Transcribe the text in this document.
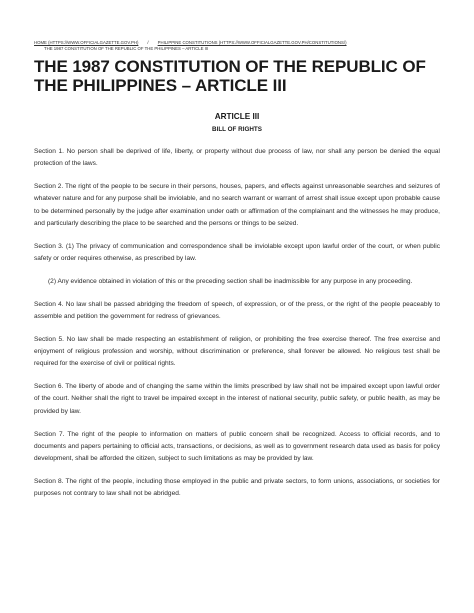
HOME (HTTPS://WWW.OFFICIALGAZETTE.GOV.PH) / PHILIPPINE CONSTITUTIONS (HTTPS://WWW.OFFICIALGAZETTE.GOV.PH/CONSTITUTIONS/)
THE 1987 CONSTITUTION OF THE REPUBLIC OF THE PHILIPPINES – ARTICLE III
THE 1987 CONSTITUTION OF THE REPUBLIC OF THE PHILIPPINES – ARTICLE III
ARTICLE III
BILL OF RIGHTS

Section 1. No person shall be deprived of life, liberty, or property without due process of law, nor shall any person be denied the equal protection of the laws.

Section 2. The right of the people to be secure in their persons, houses, papers, and effects against unreasonable searches and seizures of whatever nature and for any purpose shall be inviolable, and no search warrant or warrant of arrest shall issue except upon probable cause to be determined personally by the judge after examination under oath or affirmation of the complainant and the witnesses he may produce, and particularly describing the place to be searched and the persons or things to be seized.

Section 3. (1) The privacy of communication and correspondence shall be inviolable except upon lawful order of the court, or when public safety or order requires otherwise, as prescribed by law.

(2) Any evidence obtained in violation of this or the preceding section shall be inadmissible for any purpose in any proceeding.

Section 4. No law shall be passed abridging the freedom of speech, of expression, or of the press, or the right of the people peaceably to assemble and petition the government for redress of grievances.

Section 5. No law shall be made respecting an establishment of religion, or prohibiting the free exercise thereof. The free exercise and enjoyment of religious profession and worship, without discrimination or preference, shall forever be allowed. No religious test shall be required for the exercise of civil or political rights.

Section 6. The liberty of abode and of changing the same within the limits prescribed by law shall not be impaired except upon lawful order of the court. Neither shall the right to travel be impaired except in the interest of national security, public safety, or public health, as may be provided by law.

Section 7. The right of the people to information on matters of public concern shall be recognized. Access to official records, and to documents and papers pertaining to official acts, transactions, or decisions, as well as to government research data used as basis for policy development, shall be afforded the citizen, subject to such limitations as may be provided by law.

Section 8. The right of the people, including those employed in the public and private sectors, to form unions, associations, or societies for purposes not contrary to law shall not be abridged.
